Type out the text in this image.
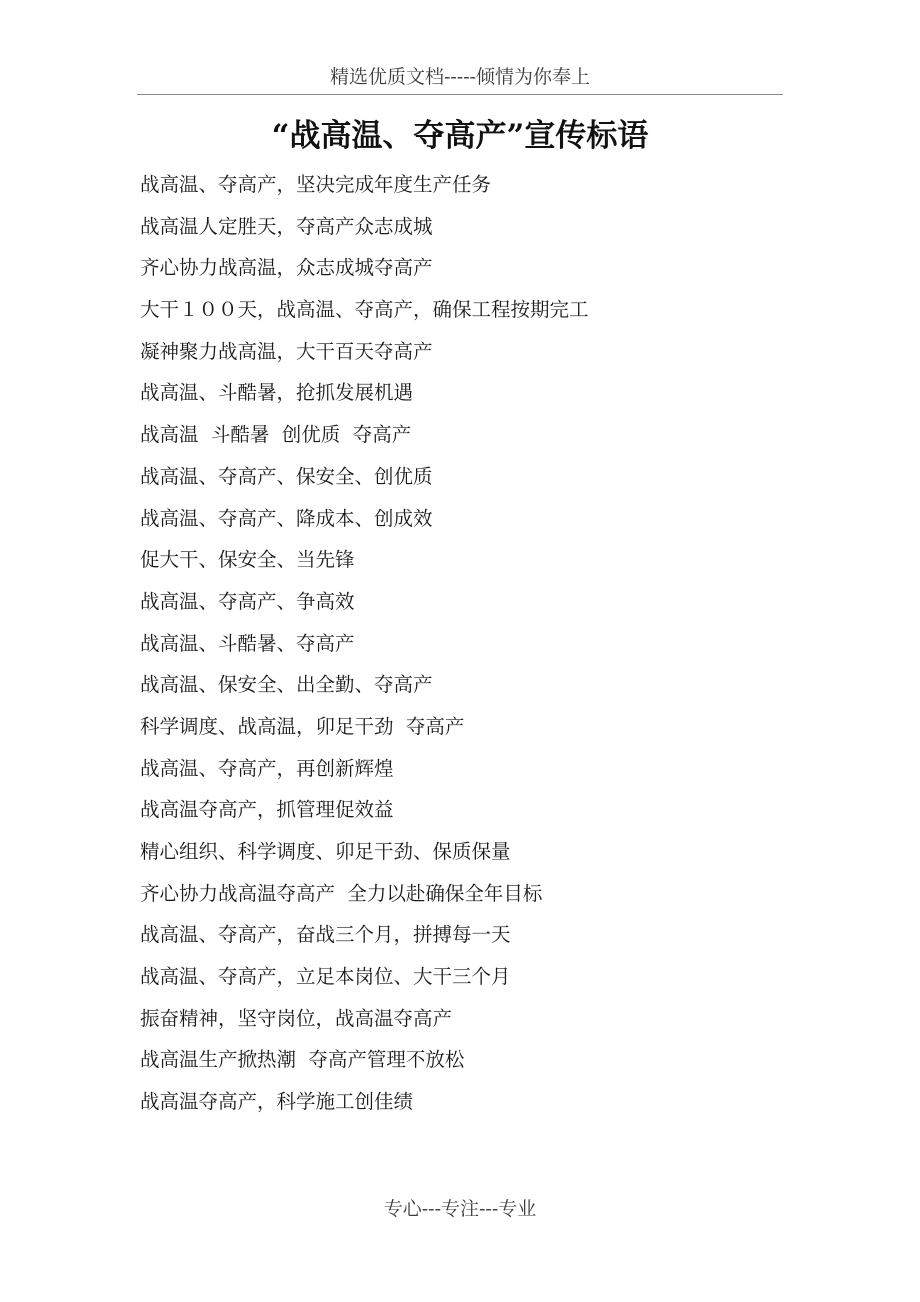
精选优质文档-----倾情为你奉上
“战高温、夺高产”宣传标语
战高温、夺高产，坚决完成年度生产任务
战高温人定胜天，夺高产众志成城
齐心协力战高温，众志成城夺高产
大干１００天，战高温、夺高产，确保工程按期完工
凝神聚力战高温，大干百天夺高产
战高温、斗酷暑，抢抓发展机遇
战高温  斗酷暑  创优质  夺高产
战高温、夺高产、保安全、创优质
战高温、夺高产、降成本、创成效
促大干、保安全、当先锋
战高温、夺高产、争高效
战高温、斗酷暑、夺高产
战高温、保安全、出全勤、夺高产
科学调度、战高温，卯足干劲  夺高产
战高温、夺高产，再创新辉煌
战高温夺高产，抓管理促效益
精心组织、科学调度、卯足干劲、保质保量
齐心协力战高温夺高产  全力以赴确保全年目标
战高温、夺高产，奋战三个月，拼搏每一天
战高温、夺高产，立足本岗位、大干三个月
振奋精神，坚守岗位，战高温夺高产
战高温生产掀热潮  夺高产管理不放松
战高温夺高产，科学施工创佳绩
专心---专注---专业
